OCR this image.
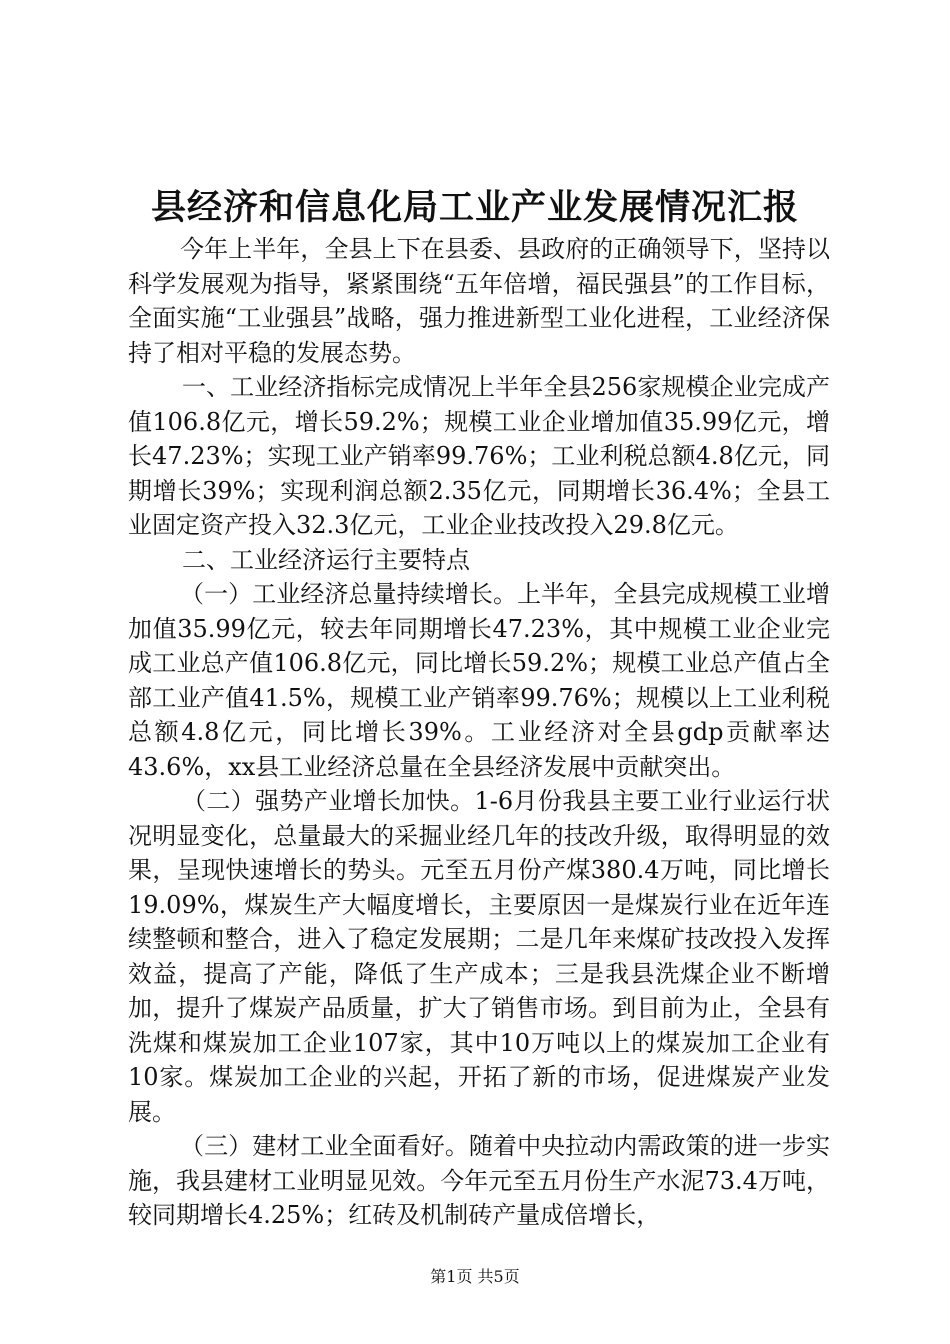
县经济和信息化局工业产业发展情况汇报

今年上半年，全县上下在县委、县政府的正确领导下，坚持以科学发展观为指导，紧紧围绕“五年倍增，福民强县”的工作目标，全面实施“工业强县”战略，强力推进新型工业化进程，工业经济保持了相对平稳的发展态势。

一、工业经济指标完成情况上半年全县256家规模企业完成产值106.8亿元，增长59.2%；规模工业企业增加值35.99亿元，增长47.23%；实现工业产销率99.76%；工业利税总额4.8亿元，同期增长39%；实现利润总额2.35亿元，同期增长36.4%；全县工业固定资产投入32.3亿元，工业企业技改投入29.8亿元。

二、工业经济运行主要特点

（一）工业经济总量持续增长。上半年，全县完成规模工业增加值35.99亿元，较去年同期增长47.23%，其中规模工业企业完成工业总产值106.8亿元，同比增长59.2%；规模工业总产值占全部工业产值41.5%，规模工业产销率99.76%；规模以上工业利税总额4.8亿元，同比增长39%。工业经济对全县gdp贡献率达43.6%，xx县工业经济总量在全县经济发展中贡献突出。

（二）强势产业增长加快。1-6月份我县主要工业行业运行状况明显变化，总量最大的采掘业经几年的技改升级，取得明显的效果，呈现快速增长的势头。元至五月份产煤380.4万吨，同比增长19.09%，煤炭生产大幅度增长，主要原因一是煤炭行业在近年连续整顿和整合，进入了稳定发展期；二是几年来煤矿技改投入发挥效益，提高了产能，降低了生产成本；三是我县洗煤企业不断增加，提升了煤炭产品质量，扩大了销售市场。到目前为止，全县有洗煤和煤炭加工企业107家，其中10万吨以上的煤炭加工企业有10家。煤炭加工企业的兴起，开拓了新的市场，促进煤炭产业发展。

（三）建材工业全面看好。随着中央拉动内需政策的进一步实施，我县建材工业明显见效。今年元至五月份生产水泥73.4万吨，较同期增长4.25%；红砖及机制砖产量成倍增长，

第1页 共5页
